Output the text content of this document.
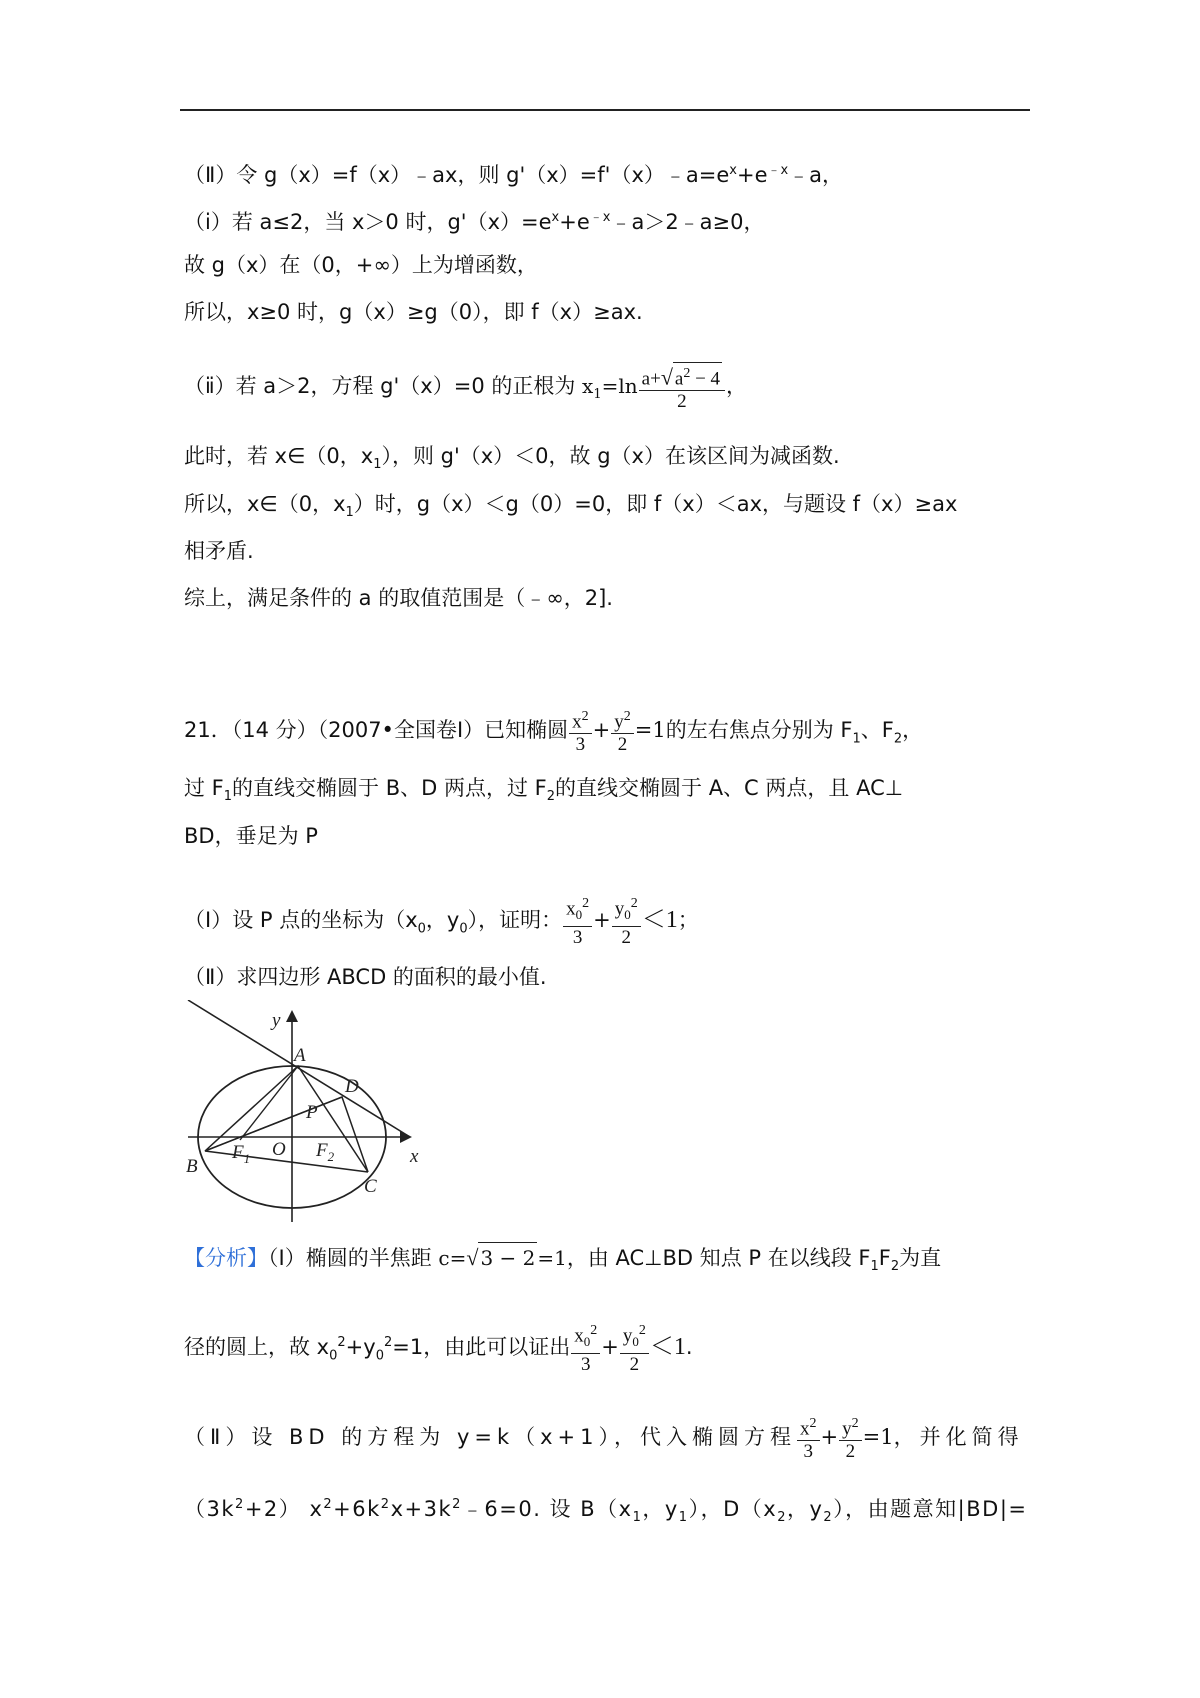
（Ⅱ）令 g（x）=f（x）﹣ax，则 $g'(x)=f'(x)﹣a=e^x+e^{﹣x}﹣a$，
（ⅰ）若 a≤2，当 x＞0 时，$g'(x)=e^x+e^{﹣x}﹣a>2﹣a\ge 0$，
故 g（x）在（0，+∞）上为增函数，
所以，x≥0 时，g（x）≥g（0），即 f（x）≥ax.
（ⅱ）若 a＞2，方程 g'（x）=0 的正根为 $x_1=\ln \frac{a+√ a^2 - 4}{2}$ ，
此时，若 x∈（0，$x_1$），则 g'（x）＜0，故 g（x）在该区间为减函数.
所以，x∈（0，$x_1$）时，g（x）＜g（0）=0，即 f（x）＜ax，与题设 f（x）≥ax
相矛盾.
综上，满足条件的 a 的取值范围是（﹣∞，2].
21．（14 分）（2007•全国卷Ⅰ）已知椭圆 $\frac{x^2}{3} + \frac{y^2}{2} =1$的左右焦点分别为 $F_1$、$F_2$，
过 $F_1$的直线交椭圆于 B、D 两点，过 $F_2$的直线交椭圆于 A、C 两点，且 AC⊥
BD，垂足为 P
（Ⅰ）设 P 点的坐标为（$x_0$，$y_0$），证明： $\frac{x_0^2}{3} + \frac{y_0^2}{2} <1$；
（Ⅱ）求四边形 ABCD 的面积的最小值.
y
x
A
D
P
O
B
C
$F_1$	$F_2$
【分析】（Ⅰ）椭圆的半焦距 c=√ 3 − 2 =1，由 AC⊥BD 知点 P 在以线段 $F_1F_2$为直
径的圆上，故 $x_0^2+y_0^2=1$，由此可以证出 $\frac{x_0^2}{3} + \frac{y_0^2}{2} <1$.
（Ⅱ）设 BD 的方程为 y=k（x+1），代入椭圆方程 $\frac{x^2}{3} + \frac{y^2}{2} =1$，并化简得
$(3k^2+2)$ $x^2+6k^2x+3k^2﹣6=0$. 设 $B(x_1$，$y_1$），$D(x_2$，$y_2$），由题意知|BD|=
